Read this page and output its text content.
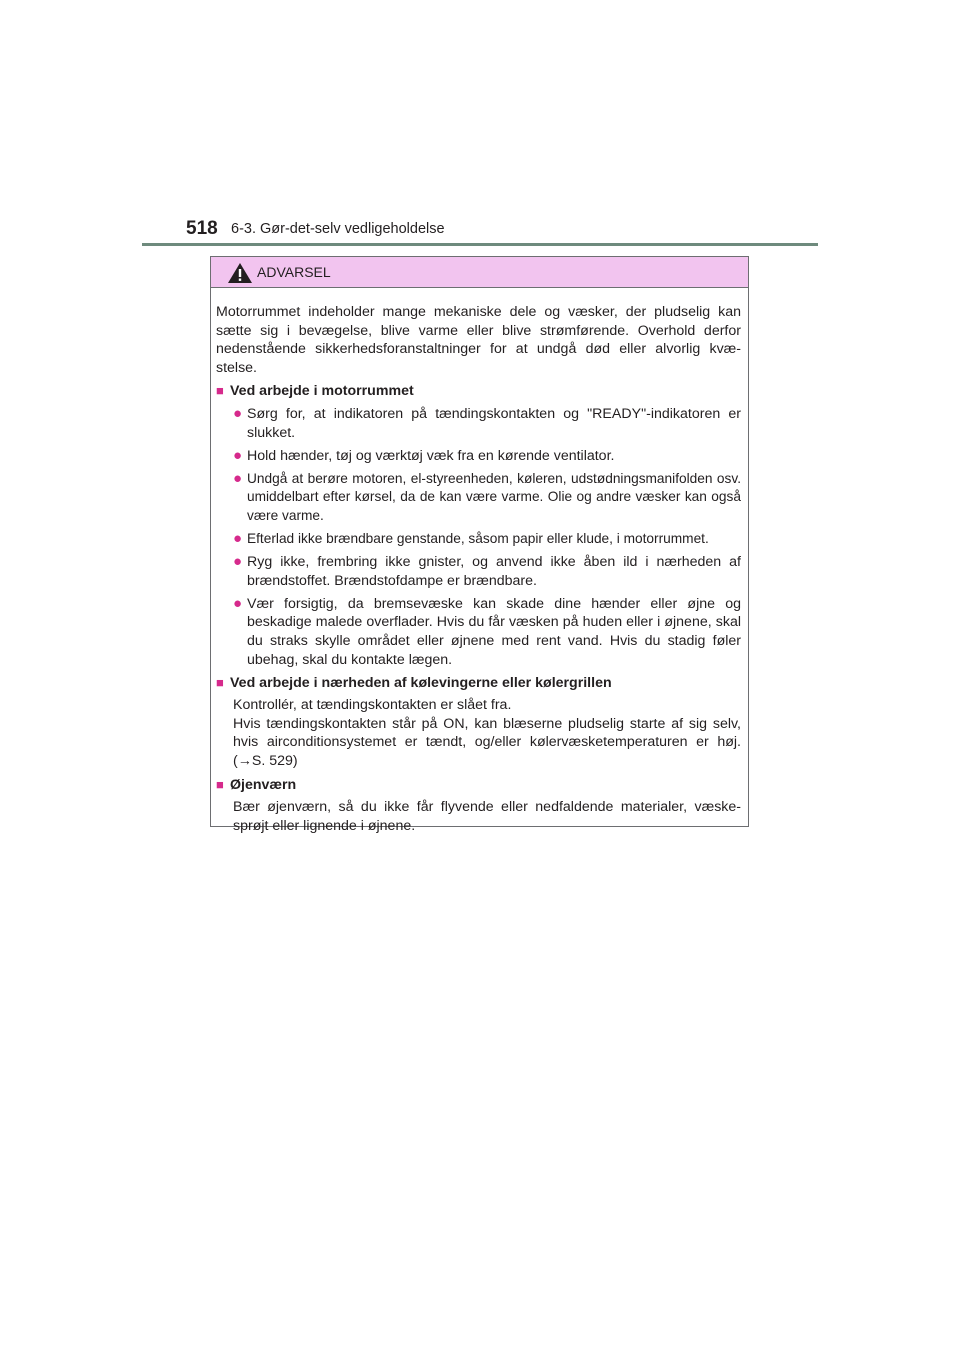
518 6-3. Gør-det-selv vedligeholdelse
ADVARSEL

Motorrummet indeholder mange mekaniske dele og væsker, der pludselig kan sætte sig i bevægelse, blive varme eller blive strømførende. Overhold derfor nedenstående sikkerhedsforanstaltninger for at undgå død eller alvorlig kvæ- stelse.

■ Ved arbejde i motorrummet
● Sørg for, at indikatoren på tændingskontakten og "READY"-indikatoren er slukket.
● Hold hænder, tøj og værktøj væk fra en kørende ventilator.
● Undgå at berøre motoren, el-styreenheden, køleren, udstødningsmanifolden osv. umiddelbart efter kørsel, da de kan være varme. Olie og andre væsker kan også være varme.
● Efterlad ikke brændbare genstande, såsom papir eller klude, i motorrummet.
● Ryg ikke, frembring ikke gnister, og anvend ikke åben ild i nærheden af brændstoffet. Brændstofdampe er brændbare.
● Vær forsigtig, da bremsevæske kan skade dine hænder eller øjne og beskadige malede overflader. Hvis du får væsken på huden eller i øjnene, skal du straks skylle området eller øjnene med rent vand. Hvis du stadig føler ubehag, skal du kontakte lægen.
■ Ved arbejde i nærheden af kølevingerne eller kølergrillen

Kontrollér, at tændingskontakten er slået fra.

Hvis tændingskontakten står på ON, kan blæserne pludselig starte af sig selv, hvis airconditionsystemet er tændt, og/eller kølervæsketemperaturen er høj. (→S. 529)

■ Øjenværn

Bær øjenværn, så du ikke får flyvende eller nedfaldende materialer, væske- sprøjt eller lignende i øjnene.
